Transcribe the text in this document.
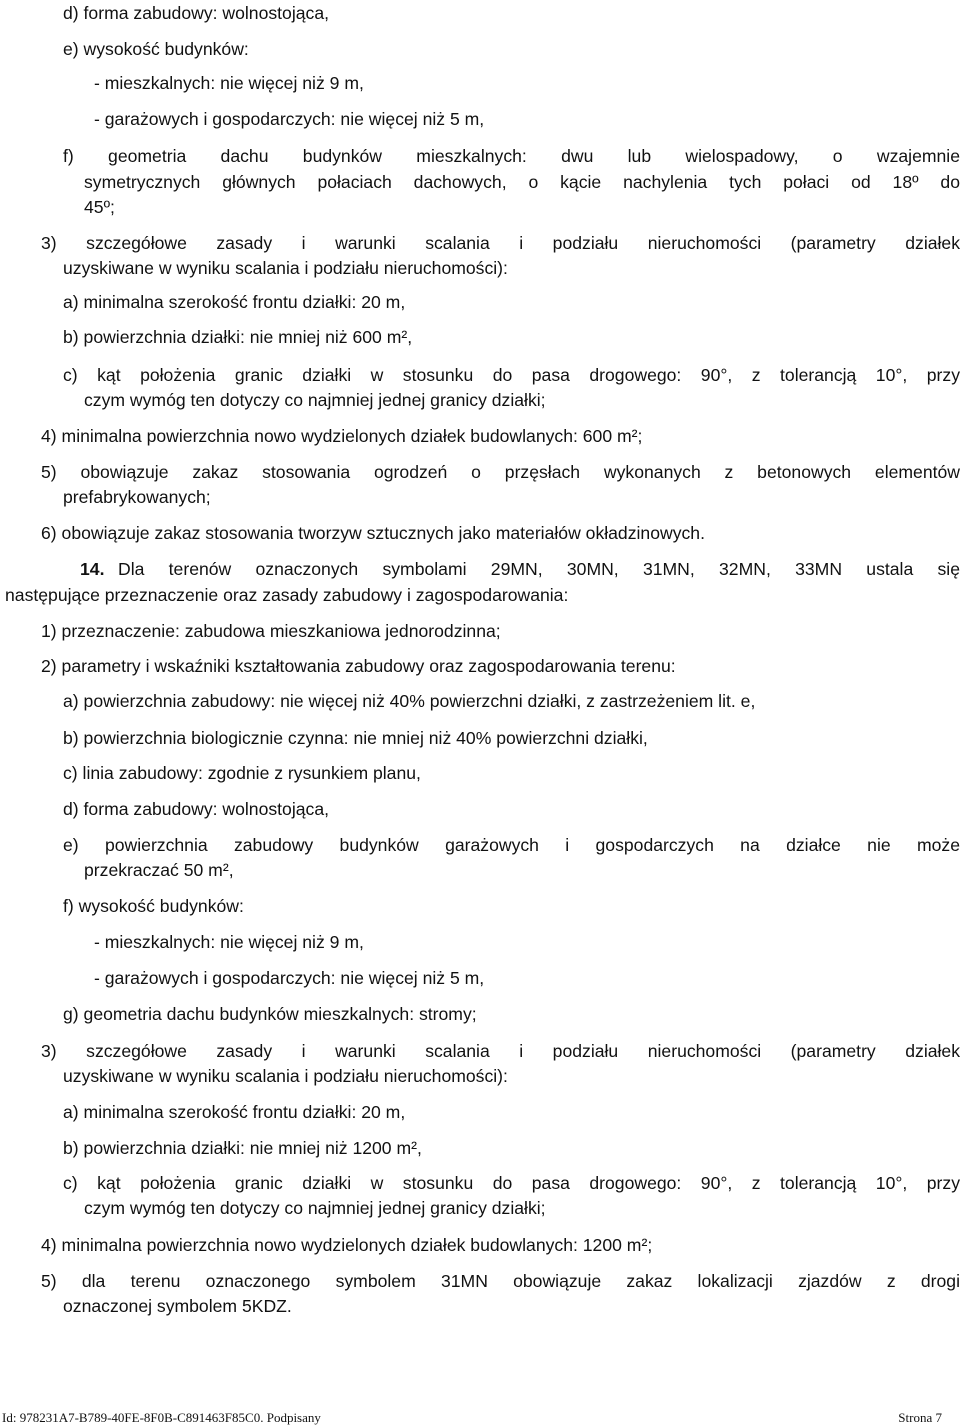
d) forma zabudowy: wolnostojąca,
e) wysokość budynków:
- mieszkalnych: nie więcej niż 9 m,
- garażowych i gospodarczych: nie więcej niż 5 m,
f) geometria dachu budynków mieszkalnych: dwu lub wielospadowy, o wzajemnie
symetrycznych głównych połaciach dachowych, o kącie nachylenia tych połaci od 18º do
45º;
3) szczegółowe zasady i warunki scalania i podziału nieruchomości (parametry działek
uzyskiwane w wyniku scalania i podziału nieruchomości):
a) minimalna szerokość frontu działki: 20 m,
b) powierzchnia działki: nie mniej niż 600 m²,
c) kąt położenia granic działki w stosunku do pasa drogowego: 90°, z tolerancją 10°, przy
czym wymóg ten dotyczy co najmniej jednej granicy działki;
4) minimalna powierzchnia nowo wydzielonych działek budowlanych: 600 m²;
5) obowiązuje zakaz stosowania ogrodzeń o przęsłach wykonanych z betonowych elementów
prefabrykowanych;
6) obowiązuje zakaz stosowania tworzyw sztucznych jako materiałów okładzinowych.
14. Dla terenów oznaczonych symbolami 29MN, 30MN, 31MN, 32MN, 33MN ustala się
następujące przeznaczenie oraz zasady zabudowy i zagospodarowania:
1) przeznaczenie: zabudowa mieszkaniowa jednorodzinna;
2) parametry i wskaźniki kształtowania zabudowy oraz zagospodarowania terenu:
a) powierzchnia zabudowy: nie więcej niż 40% powierzchni działki, z zastrzeżeniem lit. e,
b) powierzchnia biologicznie czynna: nie mniej niż 40% powierzchni działki,
c) linia zabudowy: zgodnie z rysunkiem planu,
d) forma zabudowy: wolnostojąca,
e) powierzchnia zabudowy budynków garażowych i gospodarczych na działce nie może
przekraczać 50 m²,
f) wysokość budynków:
- mieszkalnych: nie więcej niż 9 m,
- garażowych i gospodarczych: nie więcej niż 5 m,
g) geometria dachu budynków mieszkalnych: stromy;
3) szczegółowe zasady i warunki scalania i podziału nieruchomości (parametry działek
uzyskiwane w wyniku scalania i podziału nieruchomości):
a) minimalna szerokość frontu działki: 20 m,
b) powierzchnia działki: nie mniej niż 1200 m²,
c) kąt położenia granic działki w stosunku do pasa drogowego: 90°, z tolerancją 10°, przy
czym wymóg ten dotyczy co najmniej jednej granicy działki;
4) minimalna powierzchnia nowo wydzielonych działek budowlanych: 1200 m²;
5) dla terenu oznaczonego symbolem 31MN obowiązuje zakaz lokalizacji zjazdów z drogi
oznaczonej symbolem 5KDZ.
Id: 978231A7-B789-40FE-8F0B-C891463F85C0. Podpisany	Strona 7
